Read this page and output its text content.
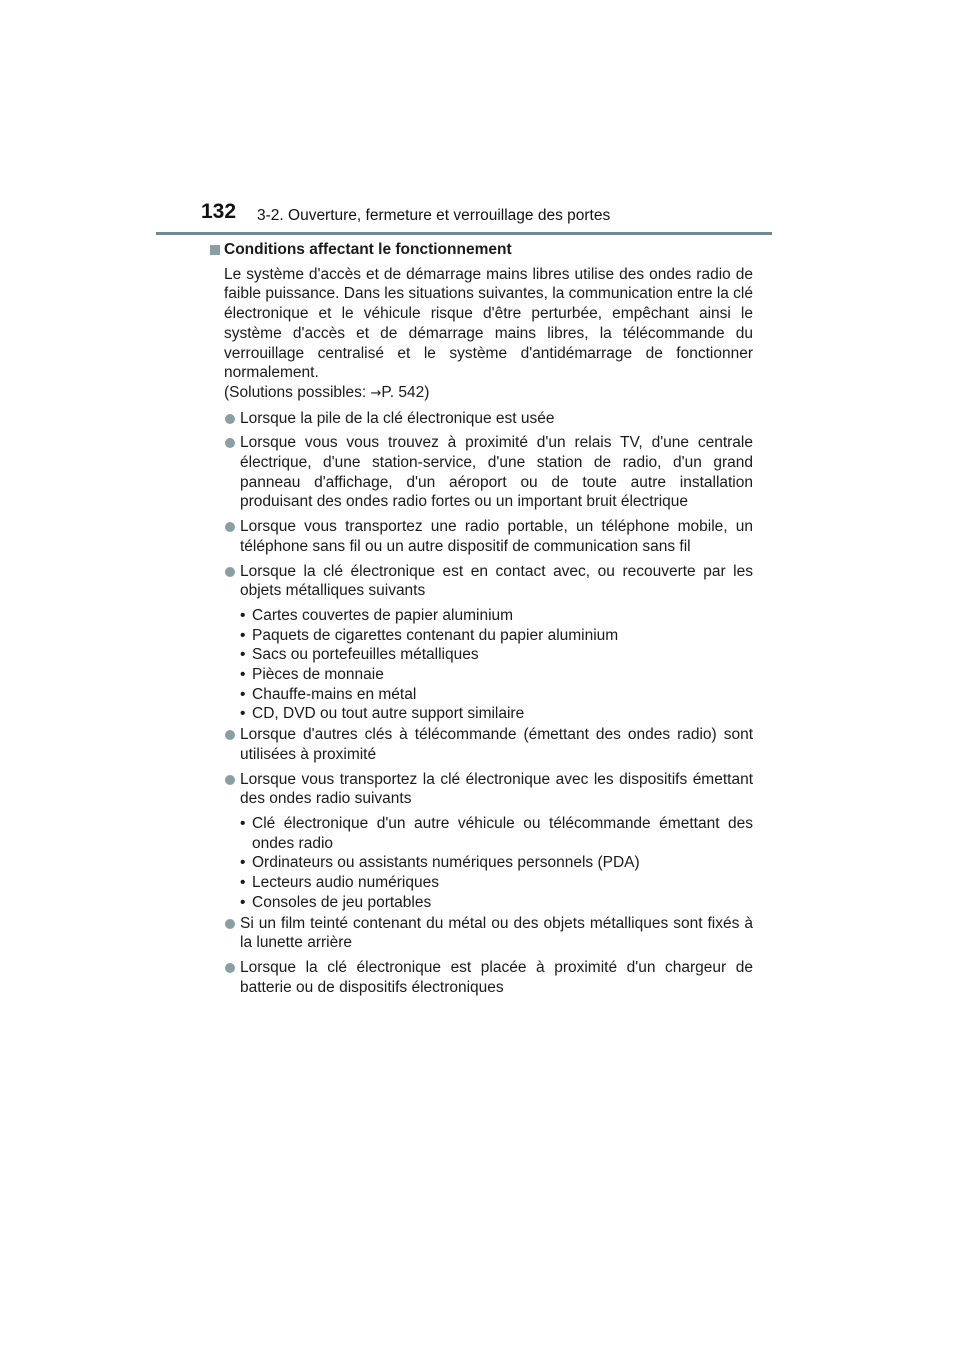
132 3-2. Ouverture, fermeture et verrouillage des portes
Conditions affectant le fonctionnement
Le système d'accès et de démarrage mains libres utilise des ondes radio de faible puissance. Dans les situations suivantes, la communication entre la clé électronique et le véhicule risque d'être perturbée, empêchant ainsi le système d'accès et de démarrage mains libres, la télécommande du verrouillage centralisé et le système d'antidémarrage de fonctionner normalement.
(Solutions possibles: →P. 542)
Lorsque la pile de la clé électronique est usée
Lorsque vous vous trouvez à proximité d'un relais TV, d'une centrale électrique, d'une station-service, d'une station de radio, d'un grand panneau d'affichage, d'un aéroport ou de toute autre installation produisant des ondes radio fortes ou un important bruit électrique
Lorsque vous transportez une radio portable, un téléphone mobile, un téléphone sans fil ou un autre dispositif de communication sans fil
Lorsque la clé électronique est en contact avec, ou recouverte par les objets métalliques suivants
• Cartes couvertes de papier aluminium
• Paquets de cigarettes contenant du papier aluminium
• Sacs ou portefeuilles métalliques
• Pièces de monnaie
• Chauffe-mains en métal
• CD, DVD ou tout autre support similaire
Lorsque d'autres clés à télécommande (émettant des ondes radio) sont utilisées à proximité
Lorsque vous transportez la clé électronique avec les dispositifs émettant des ondes radio suivants
• Clé électronique d'un autre véhicule ou télécommande émettant des ondes radio
• Ordinateurs ou assistants numériques personnels (PDA)
• Lecteurs audio numériques
• Consoles de jeu portables
Si un film teinté contenant du métal ou des objets métalliques sont fixés à la lunette arrière
Lorsque la clé électronique est placée à proximité d'un chargeur de batterie ou de dispositifs électroniques
